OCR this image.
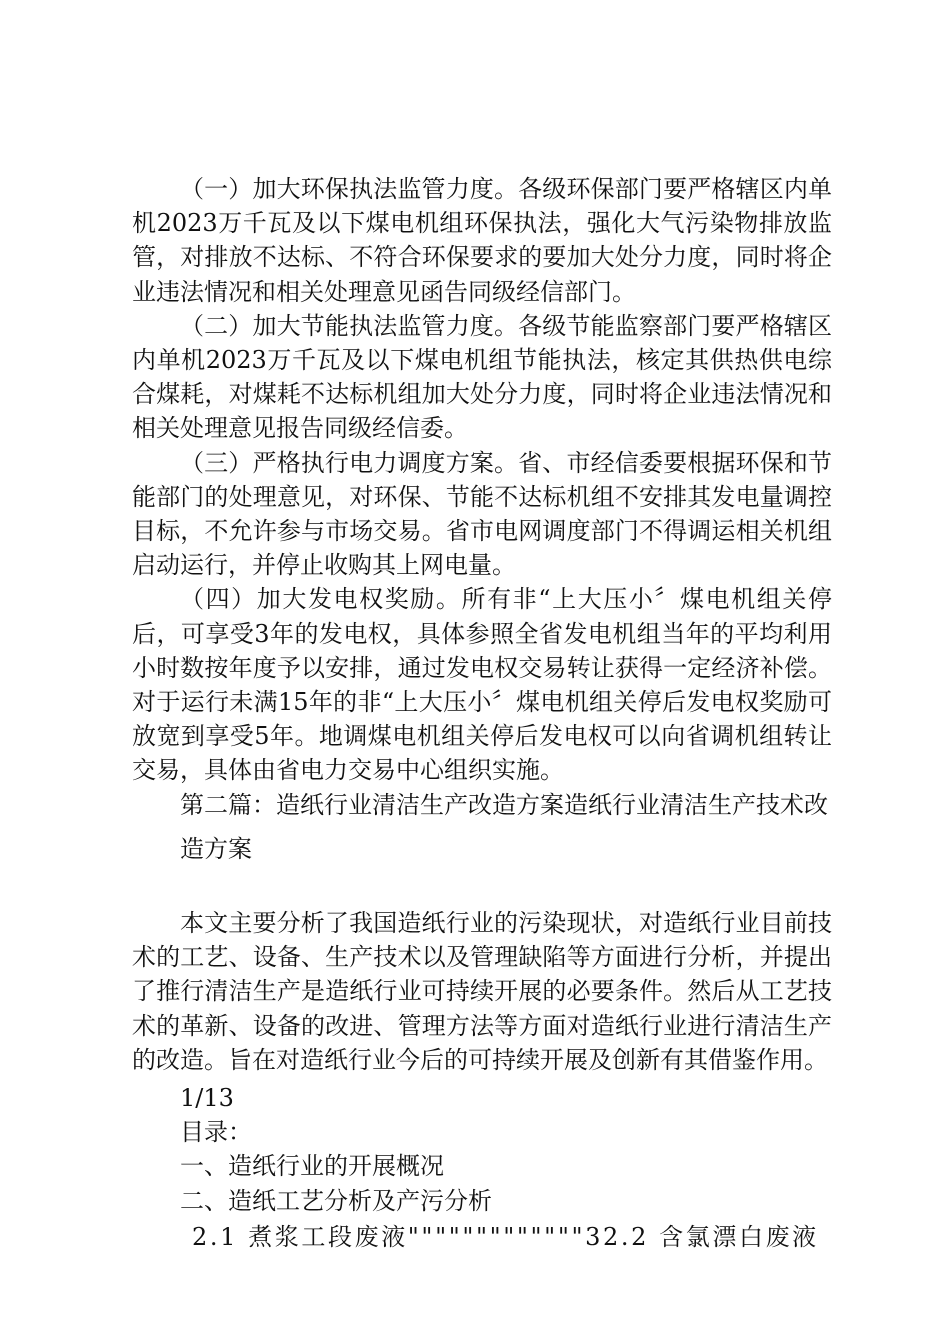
（一）加大环保执法监管力度。各级环保部门要严格辖区内单机2023万千瓦及以下煤电机组环保执法，强化大气污染物排放监管，对排放不达标、不符合环保要求的要加大处分力度，同时将企业违法情况和相关处理意见函告同级经信部门。

（二）加大节能执法监管力度。各级节能监察部门要严格辖区内单机2023万千瓦及以下煤电机组节能执法，核定其供热供电综合煤耗，对煤耗不达标机组加大处分力度，同时将企业违法情况和相关处理意见报告同级经信委。

（三）严格执行电力调度方案。省、市经信委要根据环保和节能部门的处理意见，对环保、节能不达标机组不安排其发电量调控目标，不允许参与市场交易。省市电网调度部门不得调运相关机组启动运行，并停止收购其上网电量。

（四）加大发电权奖励。所有非“上大压小〞煤电机组关停后，可享受3年的发电权，具体参照全省发电机组当年的平均利用小时数按年度予以安排，通过发电权交易转让获得一定经济补偿。对于运行未满15年的非“上大压小〞煤电机组关停后发电权奖励可放宽到享受5年。地调煤电机组关停后发电权可以向省调机组转让交易，具体由省电力交易中心组织实施。

第二篇：造纸行业清洁生产改造方案造纸行业清洁生产技术改

造方案

本文主要分析了我国造纸行业的污染现状，对造纸行业目前技术的工艺、设备、生产技术以及管理缺陷等方面进行分析，并提出了推行清洁生产是造纸行业可持续开展的必要条件。然后从工艺技术的革新、设备的改进、管理方法等方面对造纸行业进行清洁生产的改造。旨在对造纸行业今后的可持续开展及创新有其借鉴作用。

1/13

目录：

一、造纸行业的开展概况

二、造纸工艺分析及产污分析

2.1 煮浆工段废液"""""""""""""32.2 含氯漂白废液
